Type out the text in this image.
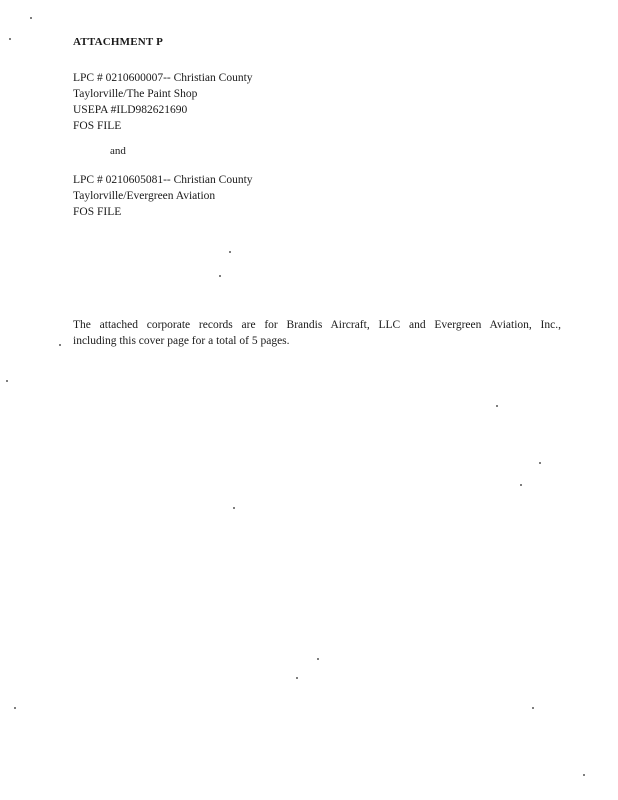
ATTACHMENT P
LPC # 0210600007-- Christian County
Taylorville/The Paint Shop
USEPA #ILD982621690
FOS FILE
and
LPC # 0210605081-- Christian County
Taylorville/Evergreen Aviation
FOS FILE
The attached corporate records are for Brandis Aircraft, LLC and Evergreen Aviation, Inc.,
including this cover page for a total of 5 pages.
